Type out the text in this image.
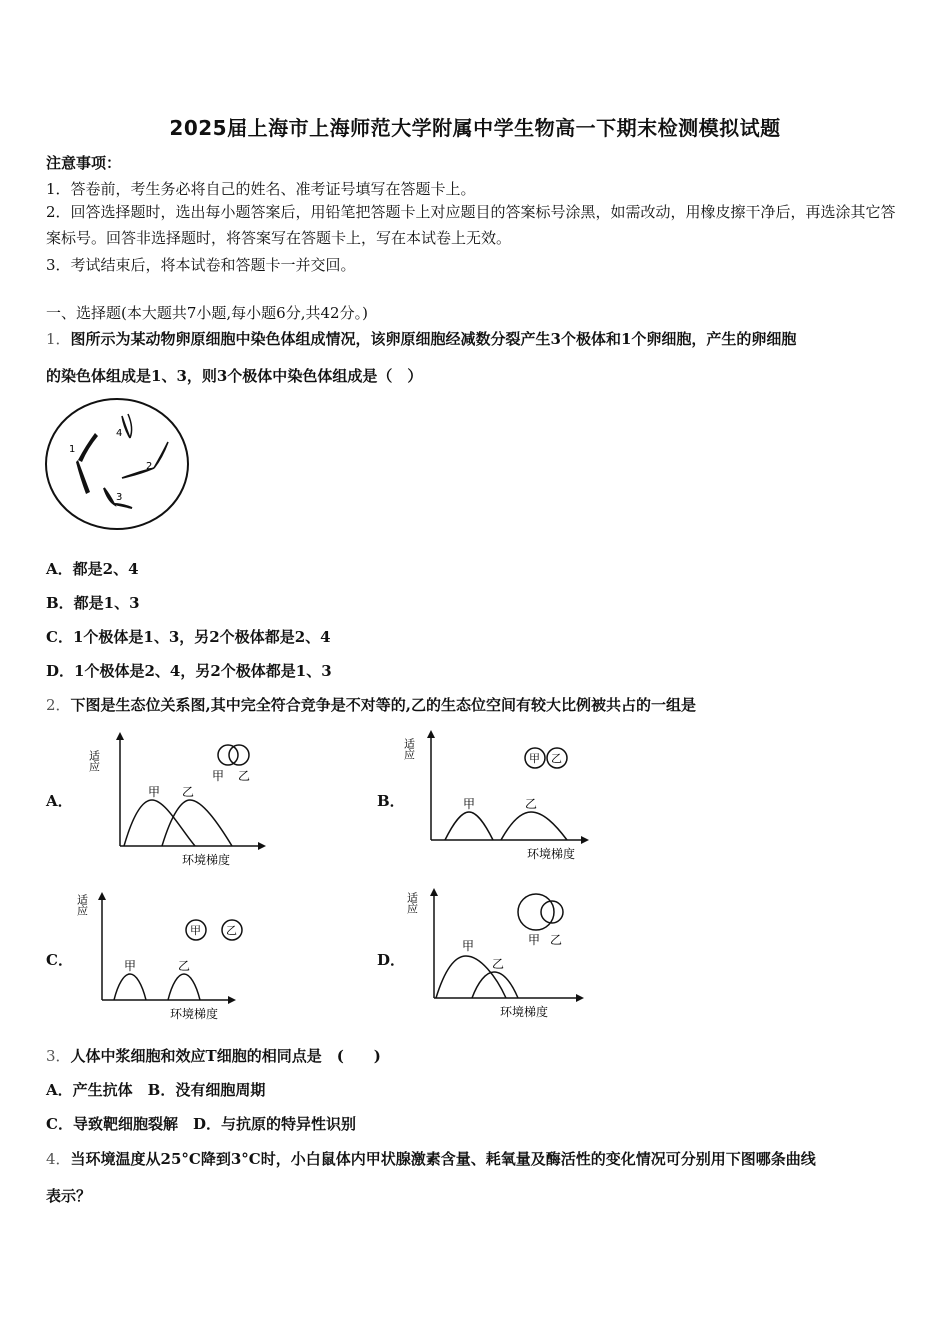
2025届上海市上海师范大学附属中学生物高一下期末检测模拟试题
注意事项：
1．答卷前，考生务必将自己的姓名、准考证号填写在答题卡上。
2．回答选择题时，选出每小题答案后，用铅笔把答题卡上对应题目的答案标号涂黑，如需改动，用橡皮擦干净后，再选涂其它答案标号。回答非选择题时，将答案写在答题卡上，写在本试卷上无效。
3．考试结束后，将本试卷和答题卡一并交回。
一、选择题(本大题共7小题,每小题6分,共42分。)
1．图所示为某动物卵原细胞中染色体组成情况，该卵原细胞经减数分裂产生3个极体和1个卵细胞，产生的卵细胞
的染色体组成是1、3，则3个极体中染色体组成是（　）
1
2
3
4
A．都是2、4
B．都是1、3
C．1个极体是1、3，另2个极体都是2、4
D．1个极体是2、4，另2个极体都是1、3
2．下图是生态位关系图,其中完全符合竞争是不对等的,乙的生态位空间有较大比例被共占的一组是
A．	B．
C．	D．
适应
甲 乙
环境梯度
甲 乙
适应
甲	乙
环境梯度
甲 乙
适应
甲	乙
环境梯度
甲 乙
适应
甲
乙
环境梯度
甲 乙
3．人体中浆细胞和效应T细胞的相同点是　(　　)
A．产生抗体　B．没有细胞周期
C．导致靶细胞裂解　D．与抗原的特异性识别
4．当环境温度从25°C降到3°C时，小白鼠体内甲状腺激素含量、耗氧量及酶活性的变化情况可分别用下图哪条曲线
表示？
